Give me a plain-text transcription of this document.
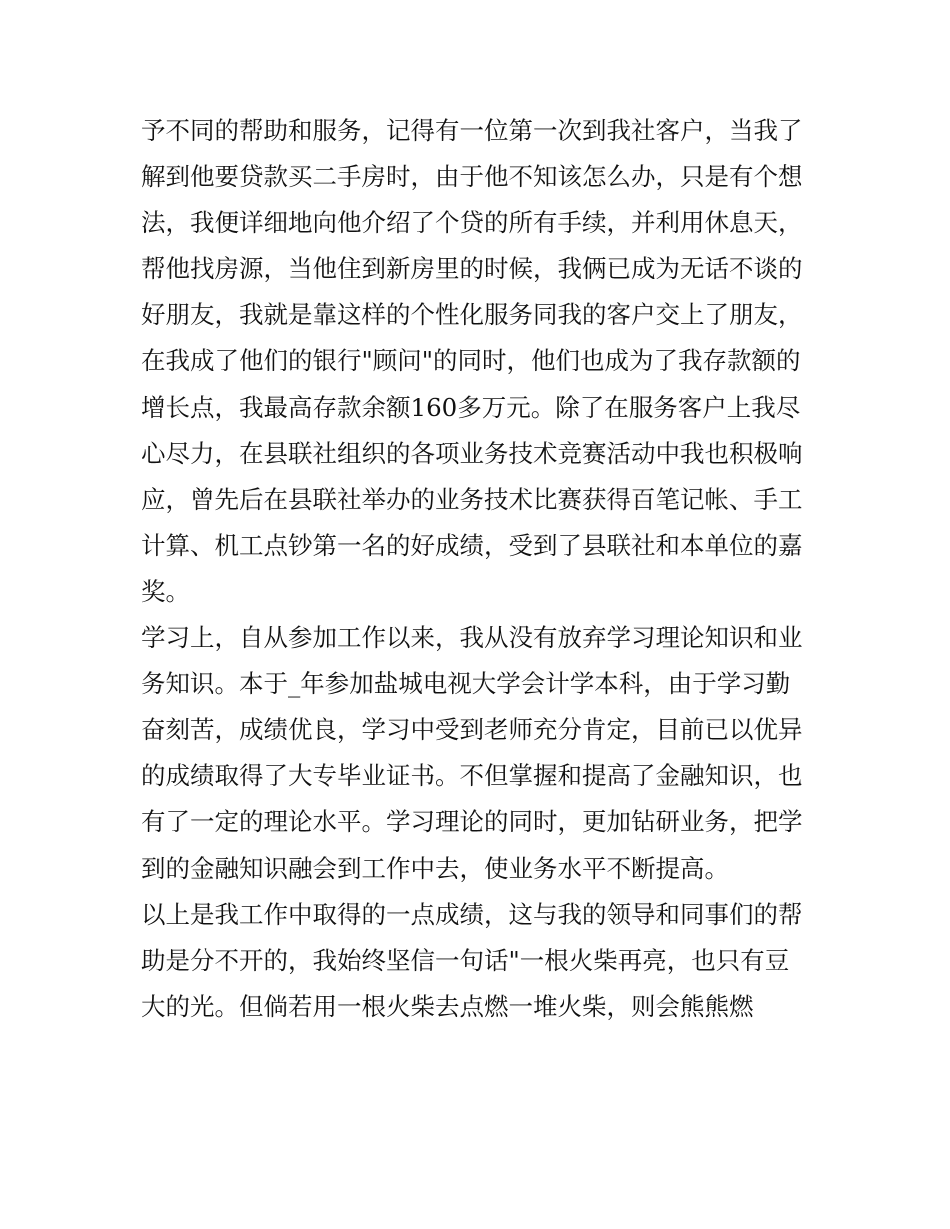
予不同的帮助和服务，记得有一位第一次到我社客户，当我了
解到他要贷款买二手房时，由于他不知该怎么办，只是有个想
法，我便详细地向他介绍了个贷的所有手续，并利用休息天，
帮他找房源，当他住到新房里的时候，我俩已成为无话不谈的
好朋友，我就是靠这样的个性化服务同我的客户交上了朋友，
在我成了他们的银行"顾问"的同时，他们也成为了我存款额的
增长点，我最高存款余额160多万元。除了在服务客户上我尽
心尽力，在县联社组织的各项业务技术竞赛活动中我也积极响
应，曾先后在县联社举办的业务技术比赛获得百笔记帐、手工
计算、机工点钞第一名的好成绩，受到了县联社和本单位的嘉
奖。
学习上，自从参加工作以来，我从没有放弃学习理论知识和业
务知识。本于_年参加盐城电视大学会计学本科，由于学习勤
奋刻苦，成绩优良，学习中受到老师充分肯定，目前已以优异
的成绩取得了大专毕业证书。不但掌握和提高了金融知识，也
有了一定的理论水平。学习理论的同时，更加钻研业务，把学
到的金融知识融会到工作中去，使业务水平不断提高。
以上是我工作中取得的一点成绩，这与我的领导和同事们的帮
助是分不开的，我始终坚信一句话"一根火柴再亮，也只有豆
大的光。但倘若用一根火柴去点燃一堆火柴，则会熊熊燃
